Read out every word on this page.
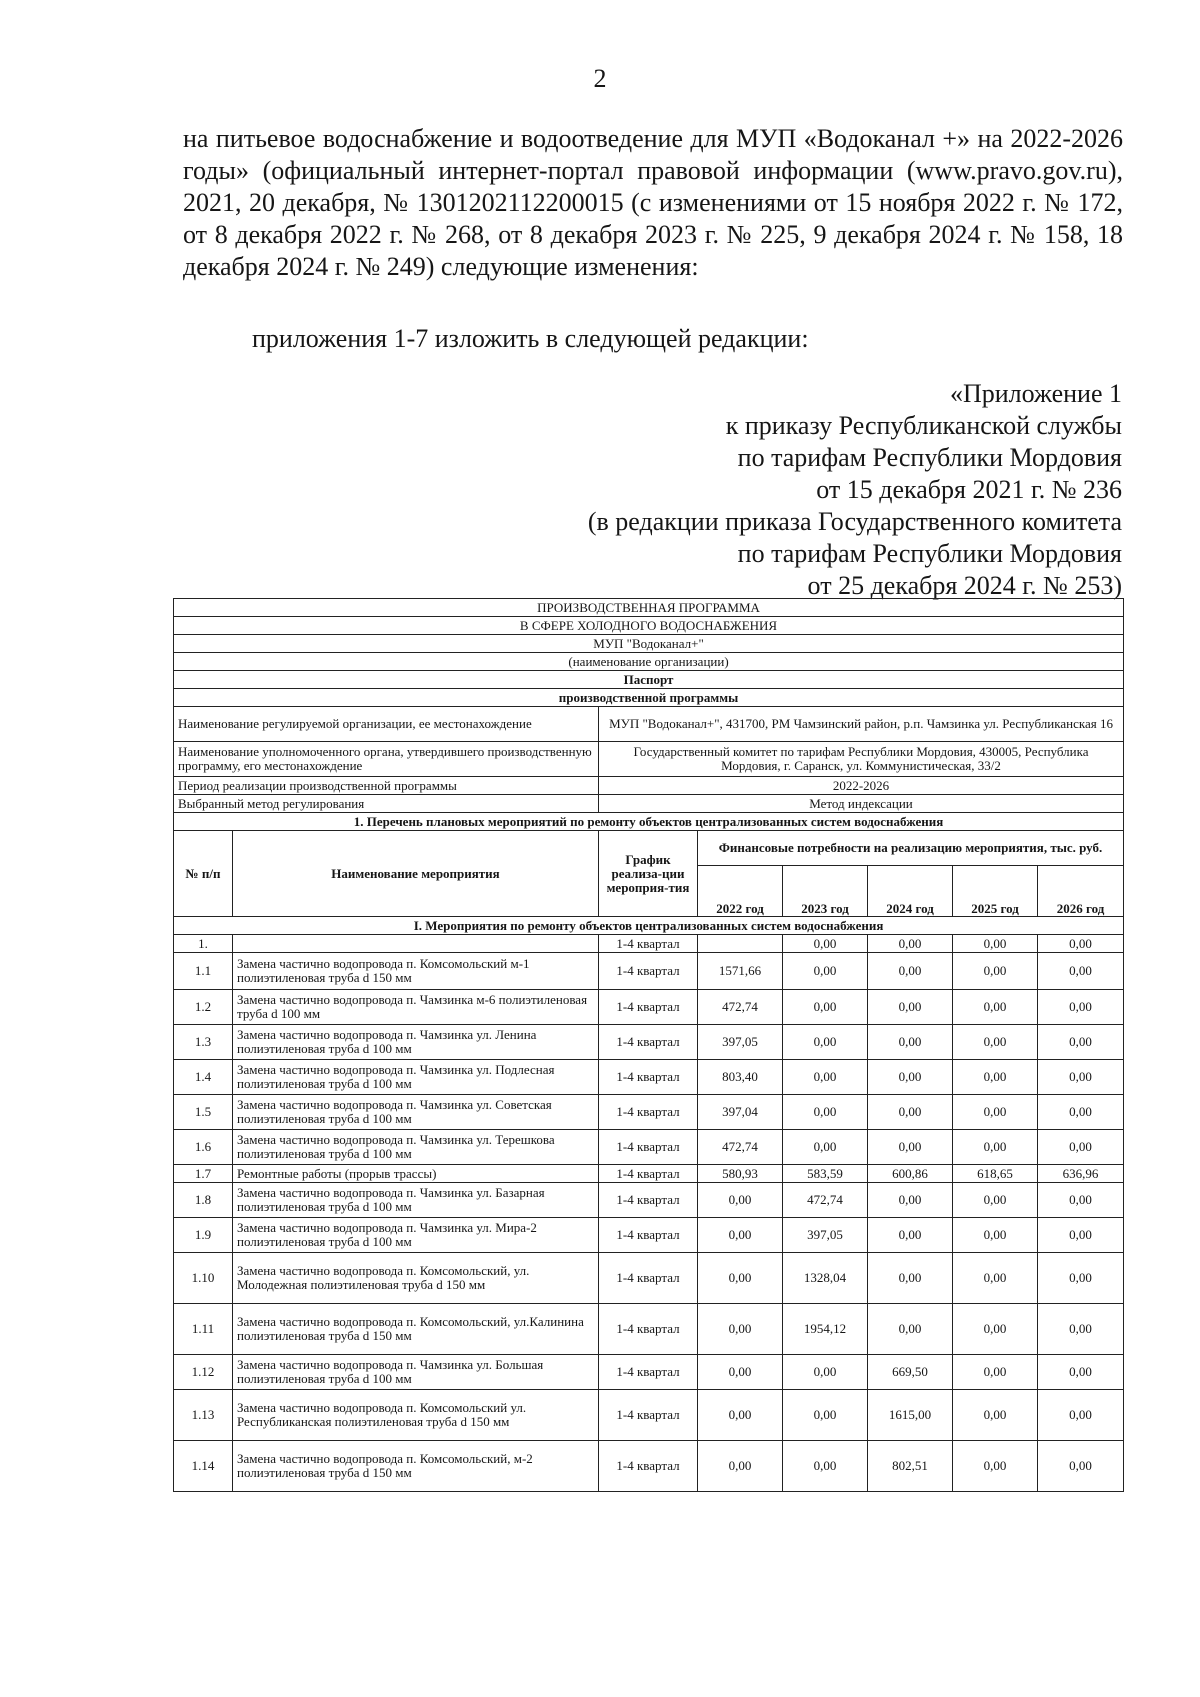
2

на питьевое водоснабжение и водоотведение для МУП «Водоканал +» на 2022-2026 годы» (официальный интернет-портал правовой информации (www.pravo.gov.ru), 2021, 20 декабря, № 1301202112200015 (с изменениями от 15 ноября 2022 г. № 172, от 8 декабря 2022 г. № 268, от 8 декабря 2023 г. № 225, 9 декабря 2024 г. № 158, 18 декабря 2024 г. № 249) следующие изменения:

приложения 1-7 изложить в следующей редакции:

«Приложение 1
к приказу Республиканской службы
по тарифам Республики Мордовия
от 15 декабря 2021 г. № 236
(в редакции приказа Государственного комитета
по тарифам Республики Мордовия
от 25 декабря 2024 г. № 253)
ПРОИЗВОДСТВЕННАЯ ПРОГРАММА							
В СФЕРЕ ХОЛОДНОГО ВОДОСНАБЖЕНИЯ							
МУП "Водоканал+"							
(наименование организации)							
Паспорт							
производственной программы							
Наименование регулируемой организации, ее местонахождение		МУП "Водоканал+", 431700, РМ Чамзинский район, р.п. Чамзинка ул. Республиканская 16					
Наименование уполномоченного органа, утвердившего производственную программу, его местонахождение		Государственный комитет по тарифам Республики Мордовия, 430005, Республика Мордовия, г. Саранск, ул. Коммунистическая, 33/2					
Период реализации производственной программы		2022-2026					
Выбранный метод регулирования		Метод индексации					
1. Перечень плановых мероприятий по ремонту объектов централизованных систем водоснабжения							
№ п/п	Наименование мероприятия	График реализа-ции мероприя-тия	Финансовые потребности на реализацию мероприятия, тыс. руб.				
			2022 год	2023 год	2024 год	2025 год	2026 год
I. Мероприятия по ремонту объектов централизованных систем водоснабжения							
1.		1-4 квартал		0,00	0,00	0,00	0,00
1.1	Замена частично водопровода п. Комсомольский м-1 полиэтиленовая труба d 150 мм	1-4 квартал	1571,66	0,00	0,00	0,00	0,00
1.2	Замена частично водопровода п. Чамзинка м-6 полиэтиленовая труба d 100 мм	1-4 квартал	472,74	0,00	0,00	0,00	0,00
1.3	Замена частично водопровода п. Чамзинка ул. Ленина полиэтиленовая труба d 100 мм	1-4 квартал	397,05	0,00	0,00	0,00	0,00
1.4	Замена частично водопровода п. Чамзинка ул. Подлесная полиэтиленовая труба d 100 мм	1-4 квартал	803,40	0,00	0,00	0,00	0,00
1.5	Замена частично водопровода п. Чамзинка ул. Советская полиэтиленовая труба d 100 мм	1-4 квартал	397,04	0,00	0,00	0,00	0,00
1.6	Замена частично водопровода п. Чамзинка ул. Терешкова полиэтиленовая труба d 100 мм	1-4 квартал	472,74	0,00	0,00	0,00	0,00
1.7	Ремонтные работы (прорыв трассы)	1-4 квартал	580,93	583,59	600,86	618,65	636,96
1.8	Замена частично водопровода п. Чамзинка ул. Базарная полиэтиленовая труба d 100 мм	1-4 квартал	0,00	472,74	0,00	0,00	0,00
1.9	Замена частично водопровода п. Чамзинка ул. Мира-2 полиэтиленовая труба d 100 мм	1-4 квартал	0,00	397,05	0,00	0,00	0,00
1.10	Замена частично водопровода п. Комсомольский, ул. Молодежная полиэтиленовая труба d 150 мм	1-4 квартал	0,00	1328,04	0,00	0,00	0,00
1.11	Замена частично водопровода п. Комсомольский, ул.Калинина полиэтиленовая труба d 150 мм	1-4 квартал	0,00	1954,12	0,00	0,00	0,00
1.12	Замена частично водопровода п. Чамзинка ул. Большая полиэтиленовая труба d 100 мм	1-4 квартал	0,00	0,00	669,50	0,00	0,00
1.13	Замена частично водопровода п. Комсомольский ул. Республиканская полиэтиленовая труба d 150 мм	1-4 квартал	0,00	0,00	1615,00	0,00	0,00
1.14	Замена частично водопровода п. Комсомольский, м-2 полиэтиленовая труба d 150 мм	1-4 квартал	0,00	0,00	802,51	0,00	0,00
